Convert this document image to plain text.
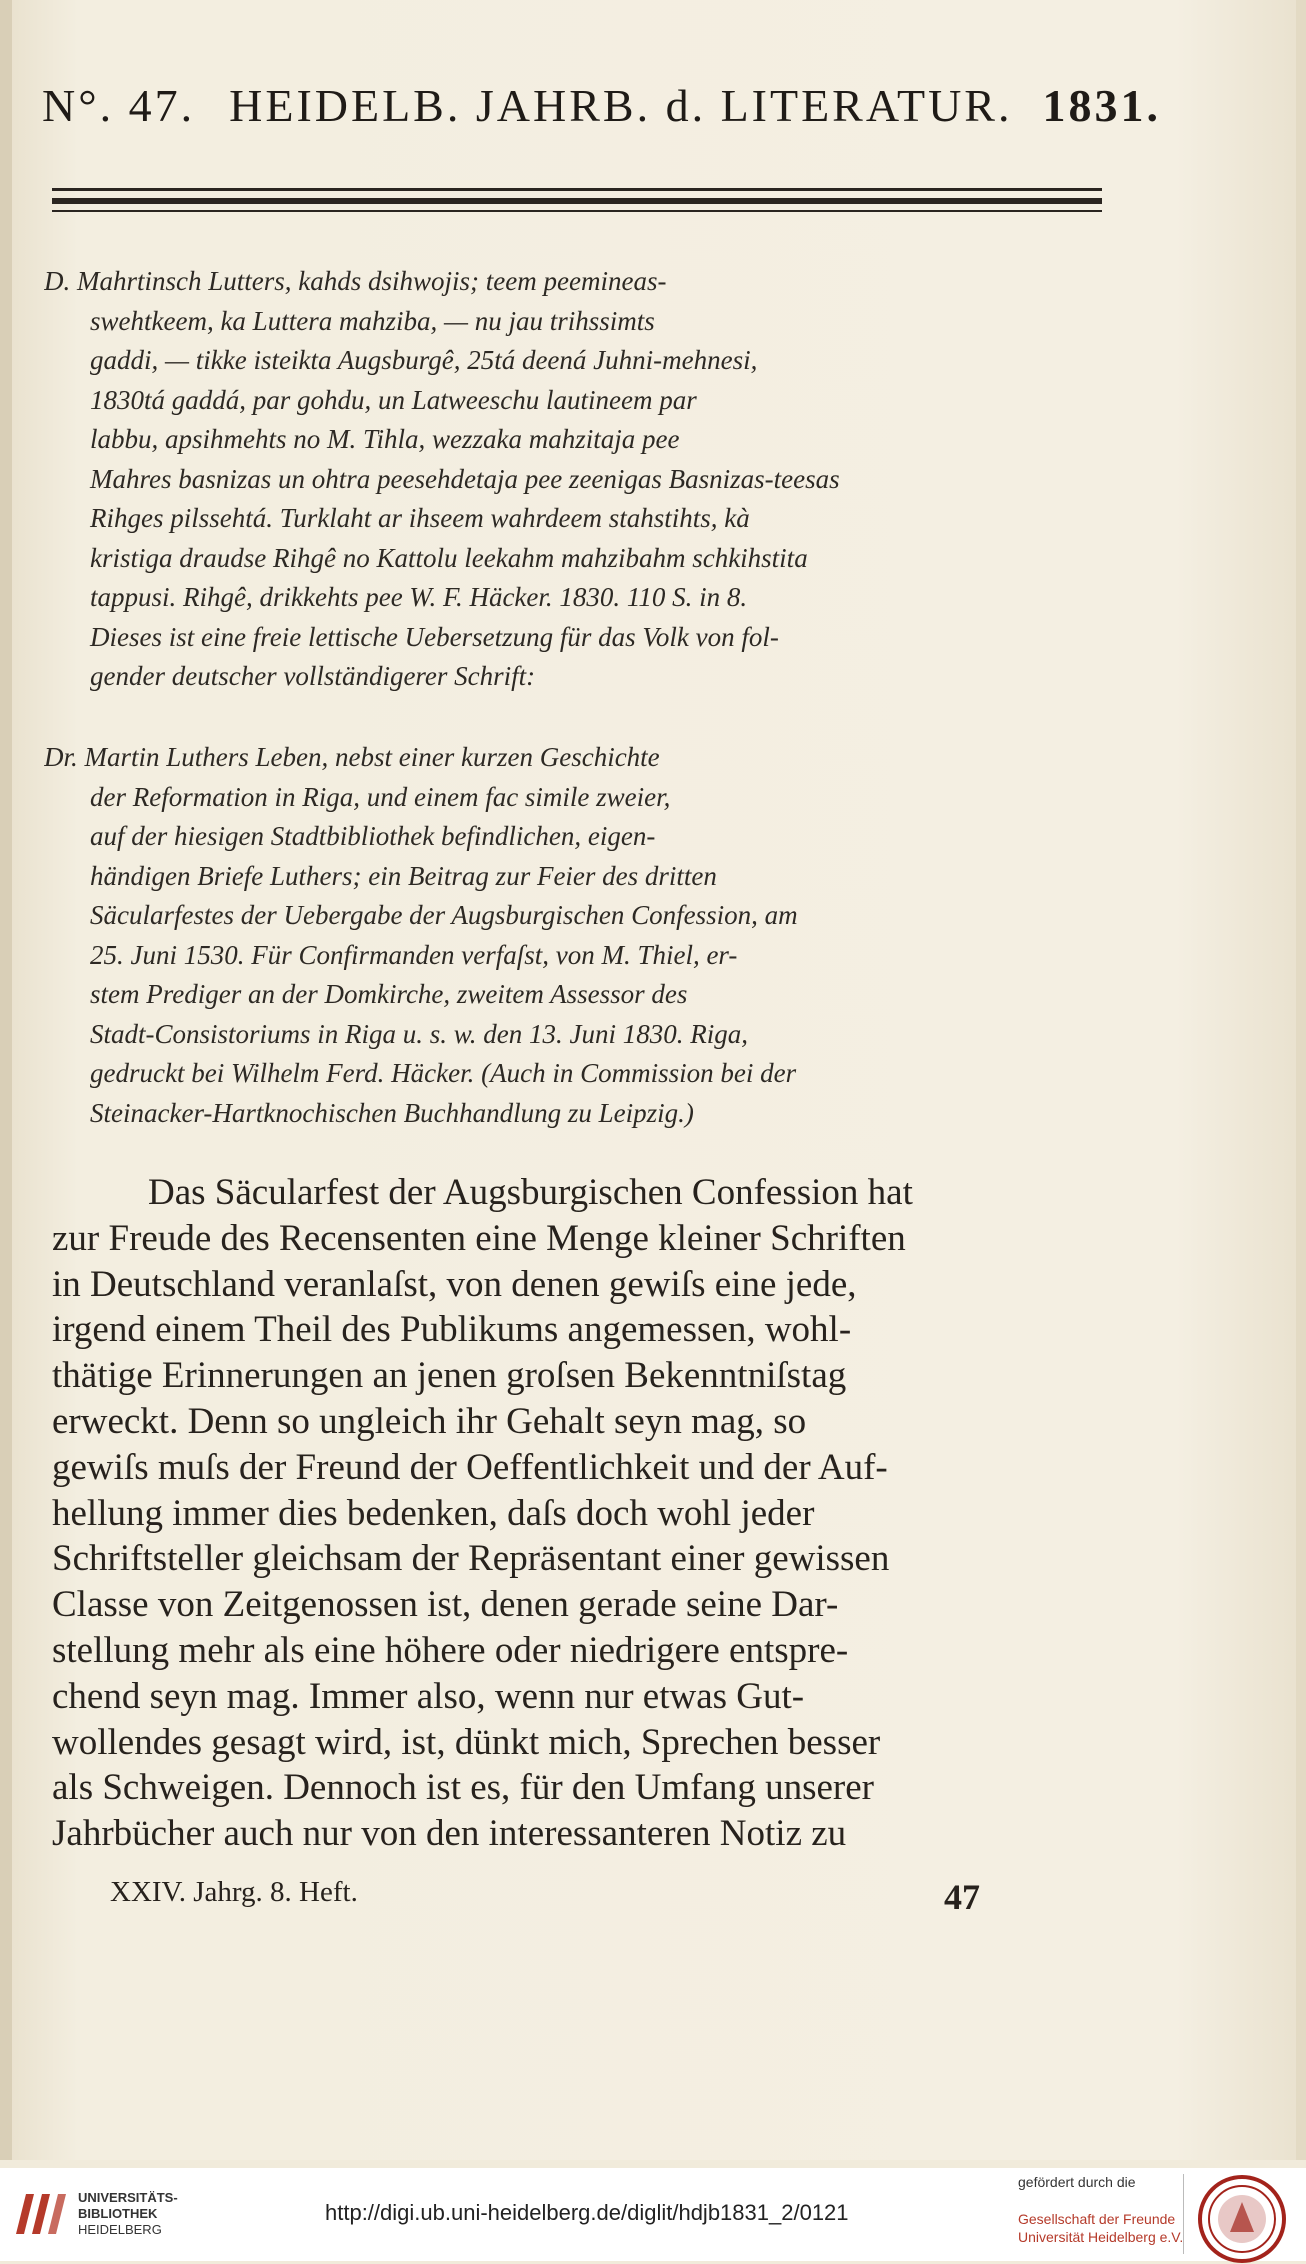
N°. 47. HEIDELB. JAHRB. d. LITERATUR. 1831.
D. Mahrtinsch Lutters, kahds dsihwojis; teem peemineas-
swehtkeem, ka Luttera mahziba, — nu jau trihssimts
gaddi, — tikke isteikta Augsburgê, 25tá deená Juhni-mehnesi,
1830tá gaddá, par gohdu, un Latweeschu lautineem par
labbu, apsihmehts no M. Tihla, wezzaka mahzitaja pee
Mahres basnizas un ohtra peesehdetaja pee zeenigas Basnizas-teesas
Rihges pilssehtá. Turklaht ar ihseem wahrdeem stahstihts, kà
kristiga draudse Rihgê no Kattolu leekahm mahzibahm schkihstita
tappusi. Rihgê, drikkehts pee W. F. Häcker. 1830. 110 S. in 8.
Dieses ist eine freie lettische Uebersetzung für das Volk von fol-
gender deutscher vollständigerer Schrift:
Dr. Martin Luthers Leben, nebst einer kurzen Geschichte
der Reformation in Riga, und einem fac simile zweier,
auf der hiesigen Stadtbibliothek befindlichen, eigen-
händigen Briefe Luthers; ein Beitrag zur Feier des dritten
Säcularfestes der Uebergabe der Augsburgischen Confession, am
25. Juni 1530. Für Confirmanden verfaſst, von M. Thiel, er-
stem Prediger an der Domkirche, zweitem Assessor des
Stadt-Consistoriums in Riga u. s. w. den 13. Juni 1830. Riga,
gedruckt bei Wilhelm Ferd. Häcker. (Auch in Commission bei der
Steinacker-Hartknochischen Buchhandlung zu Leipzig.)
Das Säcularfest der Augsburgischen Confession hat
zur Freude des Recensenten eine Menge kleiner Schriften
in Deutschland veranlaſst, von denen gewiſs eine jede,
irgend einem Theil des Publikums angemessen, wohl-
thätige Erinnerungen an jenen groſsen Bekenntniſstag
erweckt. Denn so ungleich ihr Gehalt seyn mag, so
gewiſs muſs der Freund der Oeffentlichkeit und der Auf-
hellung immer dies bedenken, daſs doch wohl jeder
Schriftsteller gleichsam der Repräsentant einer gewissen
Classe von Zeitgenossen ist, denen gerade seine Dar-
stellung mehr als eine höhere oder niedrigere entspre-
chend seyn mag. Immer also, wenn nur etwas Gut-
wollendes gesagt wird, ist, dünkt mich, Sprechen besser
als Schweigen. Dennoch ist es, für den Umfang unserer
Jahrbücher auch nur von den interessanteren Notiz zu
XXIV. Jahrg. 8. Heft.	47
UNIVERSITÄTS-
BIBLIOTHEK
HEIDELBERG
http://digi.ub.uni-heidelberg.de/diglit/hdjb1831_2/0121
gefördert durch die
Gesellschaft der Freunde
Universität Heidelberg e.V.
